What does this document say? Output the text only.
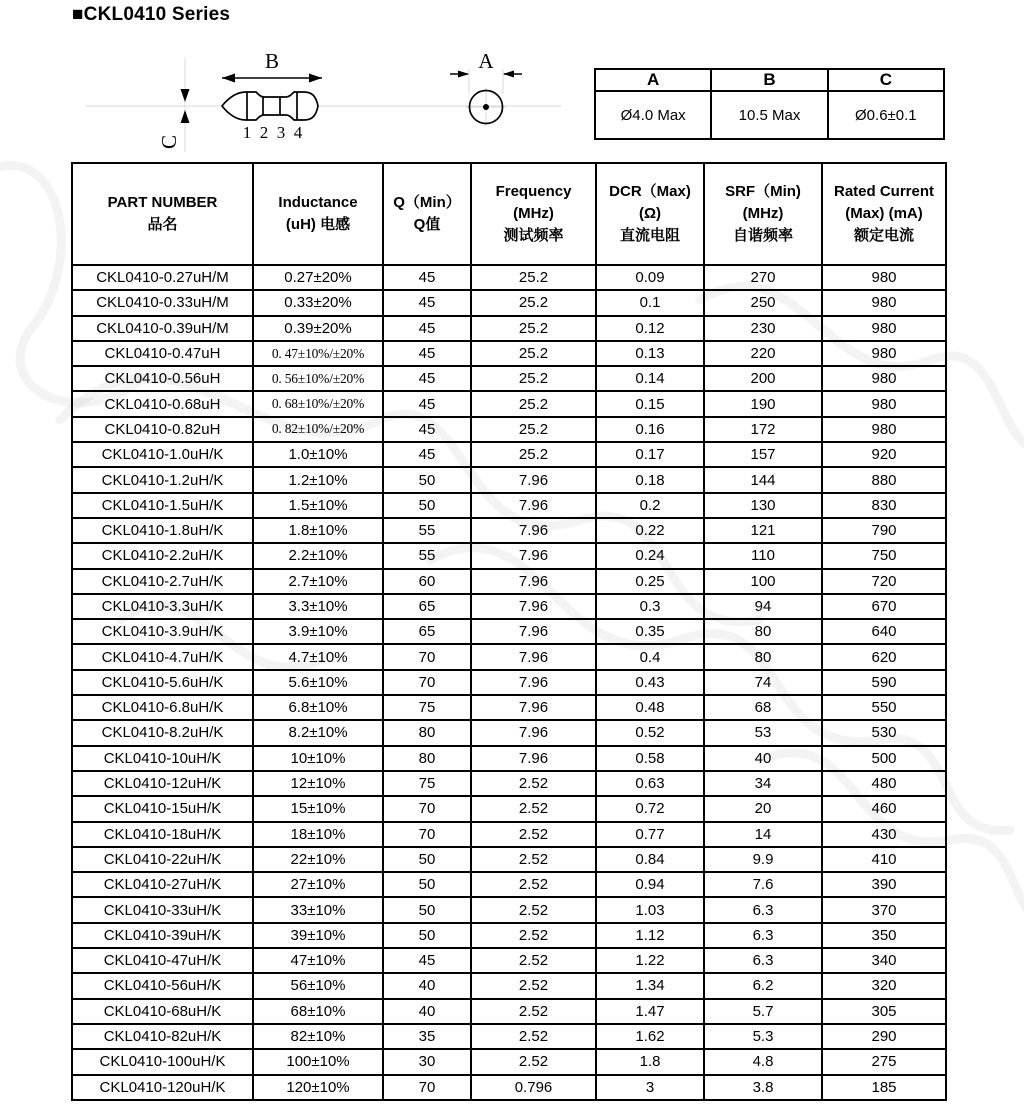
■CKL0410 Series
B
C	1 2 3 4
A
A	B	C
Ø4.0 Max	10.5 Max	Ø0.6±0.1
PART NUMBER
品名

Inductance
(uH) 电感

Q（Min）
Q值

Frequency
(MHz)
测试频率

DCR（Max)
(Ω)
直流电阻

SRF（Min)
(MHz)
自谐频率

Rated Current
(Max) (mA)
额定电流

CKL0410-0.27uH/M	0.27±20%	45	25.2	0.09	270	980
CKL0410-0.33uH/M	0.33±20%	45	25.2	0.1	250	980
CKL0410-0.39uH/M	0.39±20%	45	25.2	0.12	230	980
CKL0410-0.47uH	0. 47±10%/±20%	45	25.2	0.13	220	980
CKL0410-0.56uH	0. 56±10%/±20%	45	25.2	0.14	200	980
CKL0410-0.68uH	0. 68±10%/±20%	45	25.2	0.15	190	980
CKL0410-0.82uH	0. 82±10%/±20%	45	25.2	0.16	172	980
CKL0410-1.0uH/K	1.0±10%	45	25.2	0.17	157	920
CKL0410-1.2uH/K	1.2±10%	50	7.96	0.18	144	880
CKL0410-1.5uH/K	1.5±10%	50	7.96	0.2	130	830
CKL0410-1.8uH/K	1.8±10%	55	7.96	0.22	121	790
CKL0410-2.2uH/K	2.2±10%	55	7.96	0.24	110	750
CKL0410-2.7uH/K	2.7±10%	60	7.96	0.25	100	720
CKL0410-3.3uH/K	3.3±10%	65	7.96	0.3	94	670
CKL0410-3.9uH/K	3.9±10%	65	7.96	0.35	80	640
CKL0410-4.7uH/K	4.7±10%	70	7.96	0.4	80	620
CKL0410-5.6uH/K	5.6±10%	70	7.96	0.43	74	590
CKL0410-6.8uH/K	6.8±10%	75	7.96	0.48	68	550
CKL0410-8.2uH/K	8.2±10%	80	7.96	0.52	53	530
CKL0410-10uH/K	10±10%	80	7.96	0.58	40	500
CKL0410-12uH/K	12±10%	75	2.52	0.63	34	480
CKL0410-15uH/K	15±10%	70	2.52	0.72	20	460
CKL0410-18uH/K	18±10%	70	2.52	0.77	14	430
CKL0410-22uH/K	22±10%	50	2.52	0.84	9.9	410
CKL0410-27uH/K	27±10%	50	2.52	0.94	7.6	390
CKL0410-33uH/K	33±10%	50	2.52	1.03	6.3	370
CKL0410-39uH/K	39±10%	50	2.52	1.12	6.3	350
CKL0410-47uH/K	47±10%	45	2.52	1.22	6.3	340
CKL0410-56uH/K	56±10%	40	2.52	1.34	6.2	320
CKL0410-68uH/K	68±10%	40	2.52	1.47	5.7	305
CKL0410-82uH/K	82±10%	35	2.52	1.62	5.3	290
CKL0410-100uH/K	100±10%	30	2.52	1.8	4.8	275
CKL0410-120uH/K	120±10%	70	0.796	3	3.8	185
